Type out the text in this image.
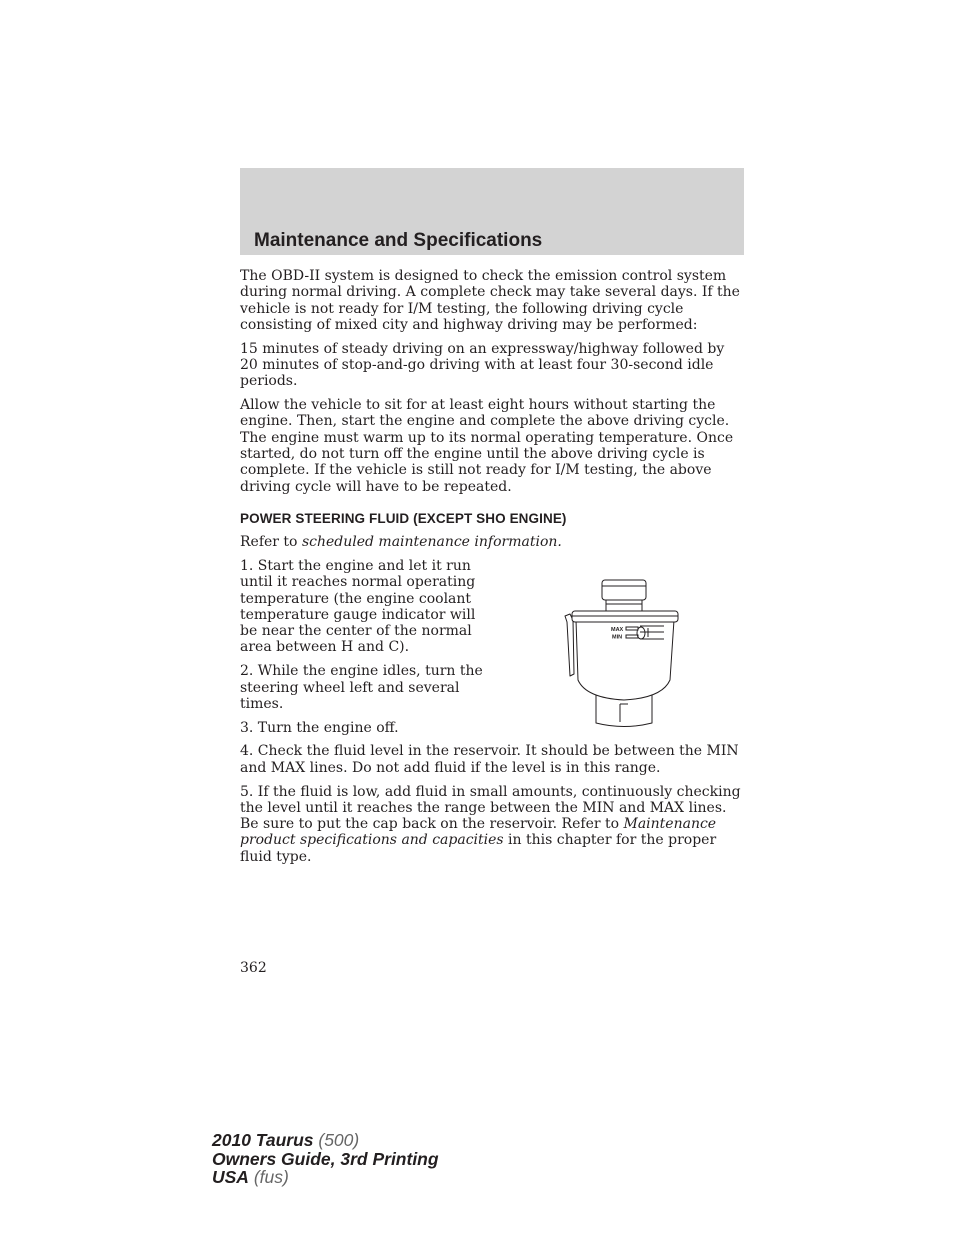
Maintenance and Specifications

The OBD-II system is designed to check the emission control system during normal driving. A complete check may take several days. If the vehicle is not ready for I/M testing, the following driving cycle consisting of mixed city and highway driving may be performed:

15 minutes of steady driving on an expressway/highway followed by 20 minutes of stop-and-go driving with at least four 30-second idle periods.

Allow the vehicle to sit for at least eight hours without starting the engine. Then, start the engine and complete the above driving cycle. The engine must warm up to its normal operating temperature. Once started, do not turn off the engine until the above driving cycle is complete. If the vehicle is still not ready for I/M testing, the above driving cycle will have to be repeated.

POWER STEERING FLUID (EXCEPT SHO ENGINE)

Refer to scheduled maintenance information.

1. Start the engine and let it run until it reaches normal operating temperature (the engine coolant temperature gauge indicator will be near the center of the normal area between H and C).

2. While the engine idles, turn the steering wheel left and several times.

3. Turn the engine off.

MAX
MIN

4. Check the fluid level in the reservoir. It should be between the MIN and MAX lines. Do not add fluid if the level is in this range.

5. If the fluid is low, add fluid in small amounts, continuously checking the level until it reaches the range between the MIN and MAX lines. Be sure to put the cap back on the reservoir. Refer to Maintenance product specifications and capacities in this chapter for the proper fluid type.

362
2010 Taurus (500)
Owners Guide, 3rd Printing
USA (fus)
